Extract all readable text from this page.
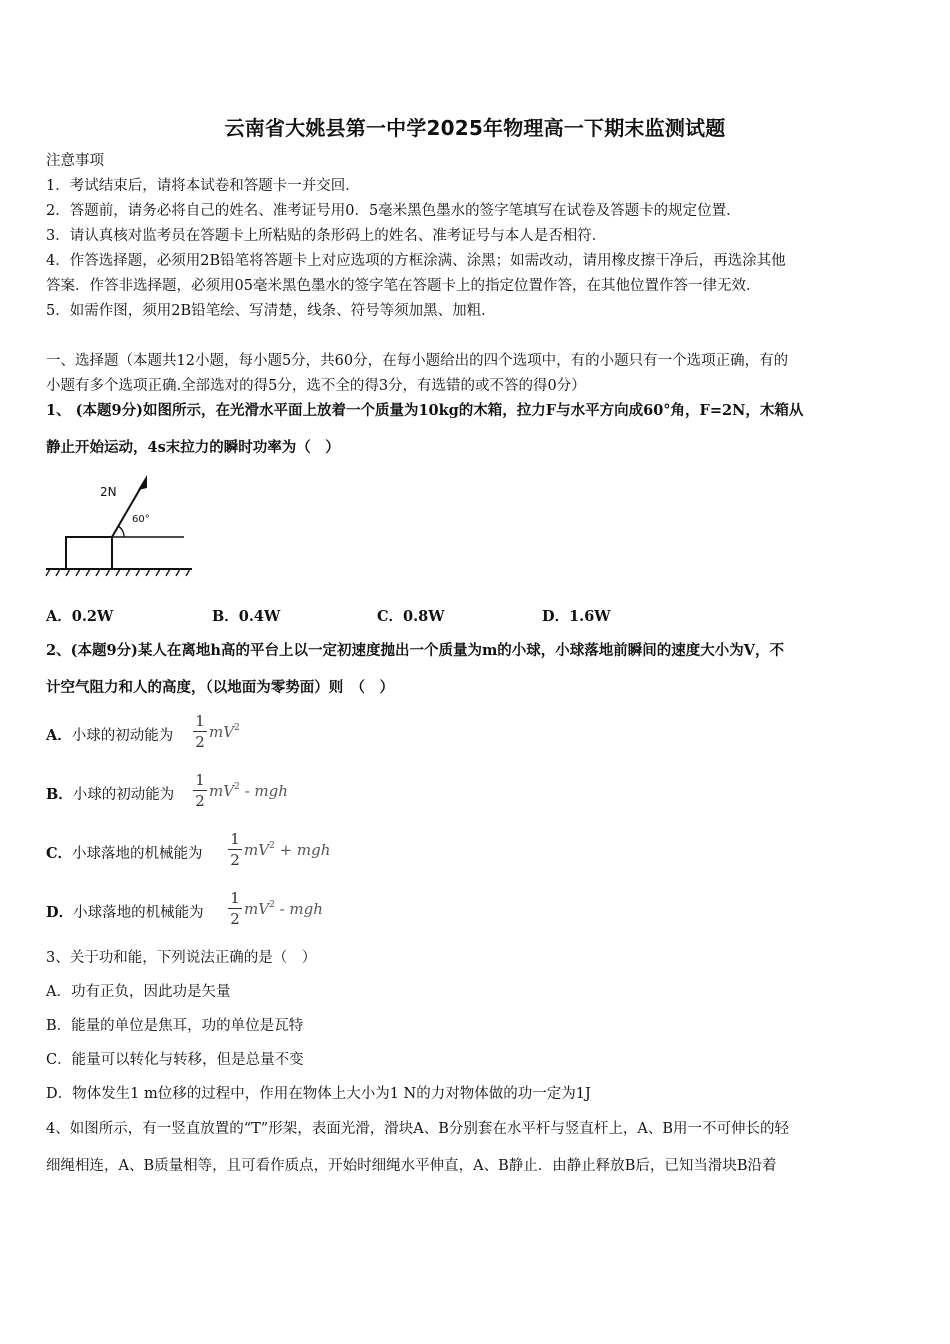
云南省大姚县第一中学2025年物理高一下期末监测试题
注意事项
1．考试结束后，请将本试卷和答题卡一并交回．
2．答题前，请务必将自己的姓名、准考证号用0．5毫米黑色墨水的签字笔填写在试卷及答题卡的规定位置．
3．请认真核对监考员在答题卡上所粘贴的条形码上的姓名、准考证号与本人是否相符．
4．作答选择题，必须用2B铅笔将答题卡上对应选项的方框涂满、涂黑；如需改动，请用橡皮擦干净后，再选涂其他
答案．作答非选择题，必须用05毫米黑色墨水的签字笔在答题卡上的指定位置作答，在其他位置作答一律无效．
5．如需作图，须用2B铅笔绘、写清楚，线条、符号等须加黑、加粗．
一、选择题（本题共12小题，每小题5分，共60分，在每小题给出的四个选项中，有的小题只有一个选项正确，有的
小题有多个选项正确.全部选对的得5分，选不全的得3分，有选错的或不答的得0分）
1、 (本题9分)如图所示，在光滑水平面上放着一个质量为10kg的木箱，拉力F与水平方向成60°角，F=2N，木箱从
静止开始运动，4s末拉力的瞬时功率为（　）
2N
60°
A．0.2W	B．0.4W	C．0.8W	D．1.6W
2、(本题9分)某人在离地h高的平台上以一定初速度抛出一个质量为m的小球，小球落地前瞬间的速度大小为V，不
计空气阻力和人的高度，（以地面为零势面）则　（　）
A．小球的初动能为
1
2
$mV^2$
B．小球的初动能为
1
2
$mV^2$ - mgh
C．小球落地的机械能为
1
2
$mV^2$ + mgh
D．小球落地的机械能为
1
2
$mV^2$ - mgh
3、关于功和能，下列说法正确的是（　）
A．功有正负，因此功是矢量
B．能量的单位是焦耳，功的单位是瓦特
C．能量可以转化与转移，但是总量不变
D．物体发生1 m位移的过程中，作用在物体上大小为1 N的力对物体做的功一定为1J
4、如图所示，有一竖直放置的“T”形架，表面光滑，滑块A、B分别套在水平杆与竖直杆上，A、B用一不可伸长的轻
细绳相连，A、B质量相等，且可看作质点，开始时细绳水平伸直，A、B静止．由静止释放B后，已知当滑块B沿着
